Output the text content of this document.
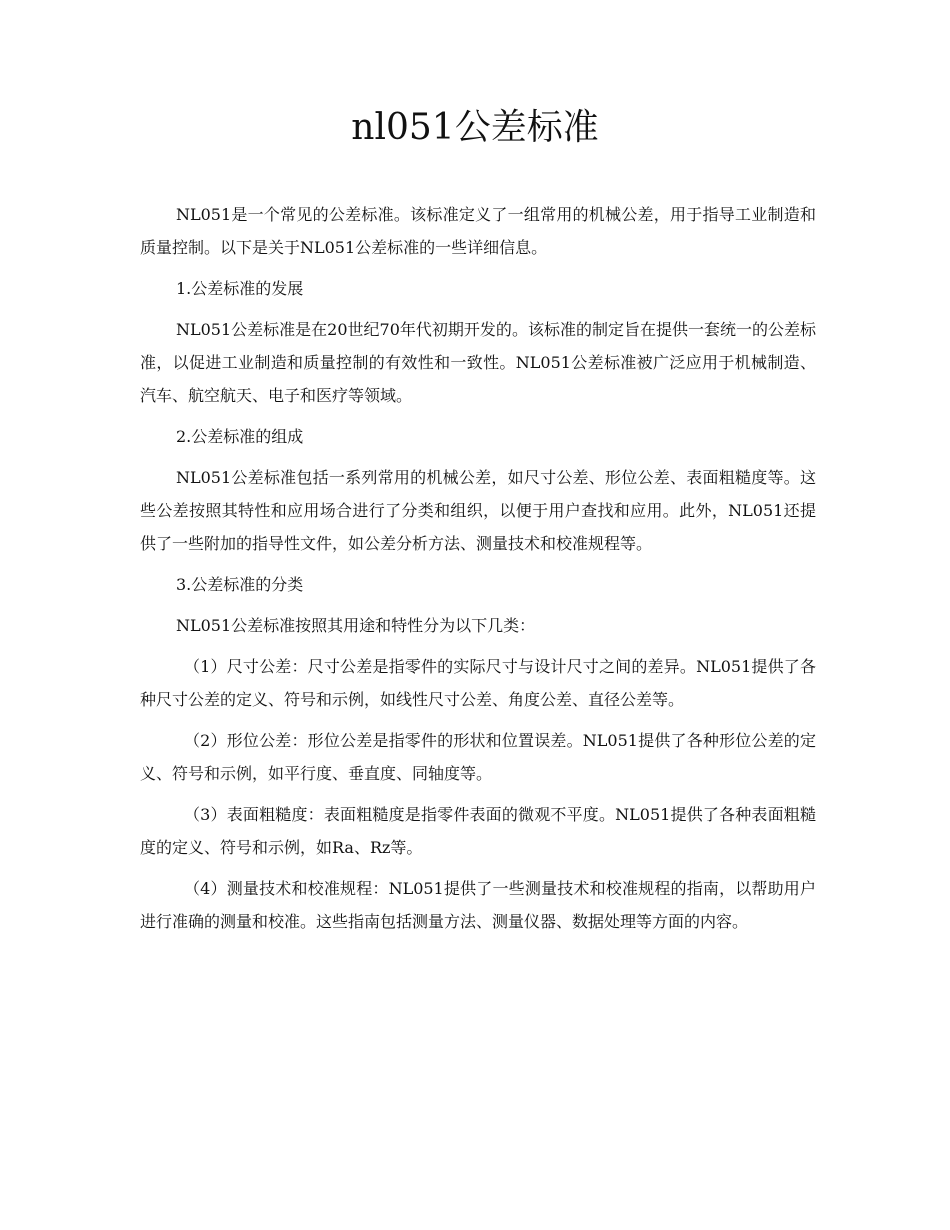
nl051公差标准

NL051是一个常见的公差标准。该标准定义了一组常用的机械公差，用于指导工业制造和质量控制。以下是关于NL051公差标准的一些详细信息。

1.公差标准的发展

NL051公差标准是在20世纪70年代初期开发的。该标准的制定旨在提供一套统一的公差标准，以促进工业制造和质量控制的有效性和一致性。NL051公差标准被广泛应用于机械制造、汽车、航空航天、电子和医疗等领域。

2.公差标准的组成

NL051公差标准包括一系列常用的机械公差，如尺寸公差、形位公差、表面粗糙度等。这些公差按照其特性和应用场合进行了分类和组织，以便于用户查找和应用。此外，NL051还提供了一些附加的指导性文件，如公差分析方法、测量技术和校准规程等。

3.公差标准的分类

NL051公差标准按照其用途和特性分为以下几类：

（1）尺寸公差：尺寸公差是指零件的实际尺寸与设计尺寸之间的差异。NL051提供了各种尺寸公差的定义、符号和示例，如线性尺寸公差、角度公差、直径公差等。

（2）形位公差：形位公差是指零件的形状和位置误差。NL051提供了各种形位公差的定义、符号和示例，如平行度、垂直度、同轴度等。

（3）表面粗糙度：表面粗糙度是指零件表面的微观不平度。NL051提供了各种表面粗糙度的定义、符号和示例，如Ra、Rz等。

（4）测量技术和校准规程：NL051提供了一些测量技术和校准规程的指南，以帮助用户进行准确的测量和校准。这些指南包括测量方法、测量仪器、数据处理等方面的内容。
